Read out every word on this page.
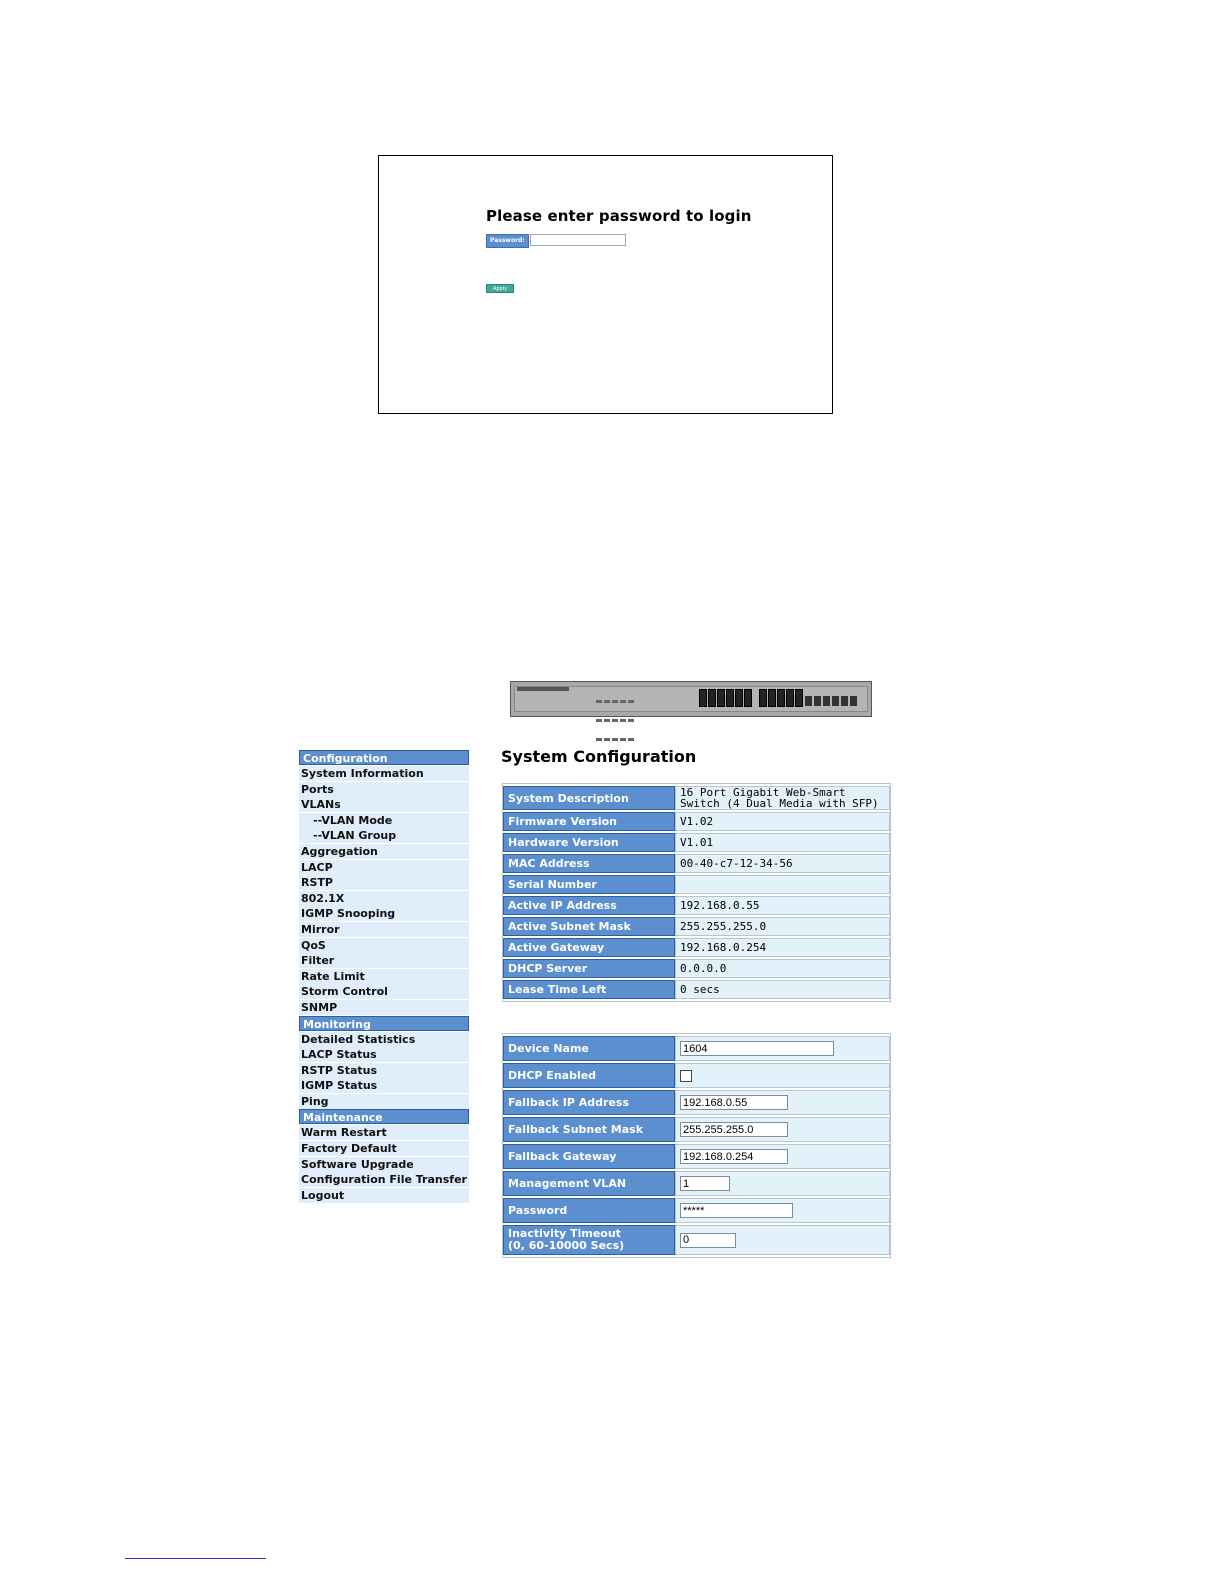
Please enter password to login
Password:
Apply

Configuration
System Information
Ports
VLANs
--VLAN Mode
--VLAN Group
Aggregation
LACP
RSTP
802.1X
IGMP Snooping
Mirror
QoS
Filter
Rate Limit
Storm Control
SNMP
Monitoring
Detailed Statistics
LACP Status
RSTP Status
IGMP Status
Ping
Maintenance
Warm Restart
Factory Default
Software Upgrade
Configuration File Transfer
Logout
System Configuration
System Description	16 Port Gigabit Web-Smart Switch (4 Dual Media with SFP)

Firmware Version	V1.02
Hardware Version	V1.01
MAC Address	00-40-c7-12-34-56
Serial Number	
Active IP Address	192.168.0.55
Active Subnet Mask	255.255.255.0
Active Gateway	192.168.0.254
DHCP Server	0.0.0.0
Lease Time Left	0 secs
Device Name	1604
DHCP Enabled	
Fallback IP Address	192.168.0.55
Fallback Subnet Mask	255.255.255.0
Fallback Gateway	192.168.0.254
Management VLAN	1
Password	*****

Inactivity Timeout
(0, 60-10000 Secs)
	0
